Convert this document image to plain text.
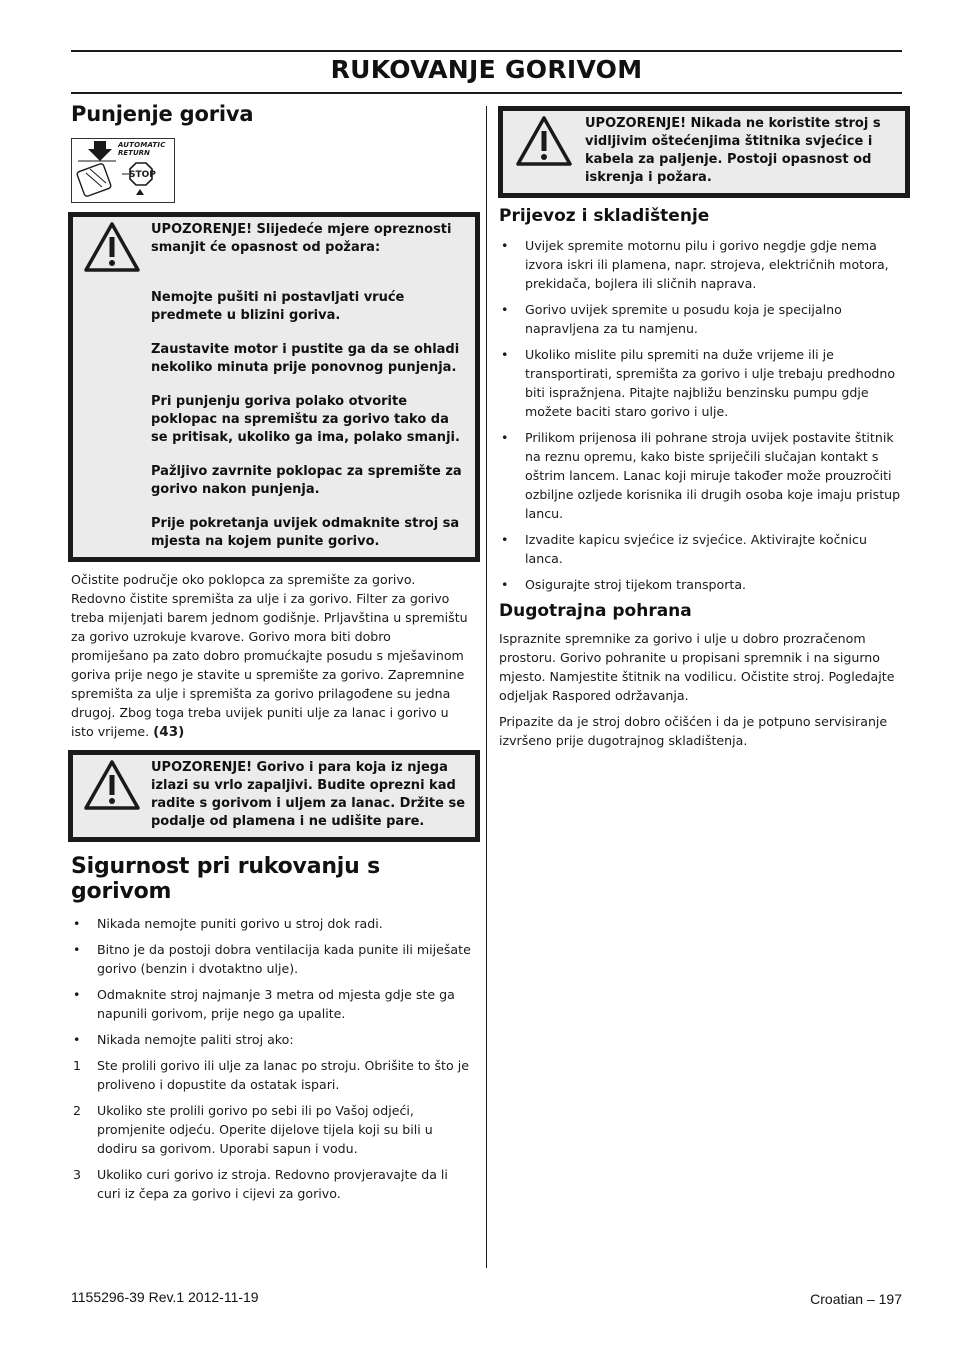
RUKOVANJE GORIVOM
Punjenje goriva
AUTOMATIC
RETURN
STOP

UPOZORENJE! Slijedeće mjere opreznosti smanjit će opasnost od požara:

Nemojte pušiti ni postavljati vruće predmete u blizini goriva.

Zaustavite motor i pustite ga da se ohladi nekoliko minuta prije ponovnog punjenja.

Pri punjenju goriva polako otvorite poklopac na spremištu za gorivo tako da se pritisak, ukoliko ga ima, polako smanji.

Pažljivo zavrnite poklopac za spremište za gorivo nakon punjenja.

Prije pokretanja uvijek odmaknite stroj sa mjesta na kojem punite gorivo.

Očistite područje oko poklopca za spremište za gorivo. Redovno čistite spremišta za ulje i za gorivo. Filter za gorivo treba mijenjati barem jednom godišnje. Prljavština u spremištu za gorivo uzrokuje kvarove. Gorivo mora biti dobro promiješano pa zato dobro promućkajte posudu s mješavinom goriva prije nego je stavite u spremište za gorivo. Zapremnine spremišta za ulje i spremišta za gorivo prilagođene su jedna drugoj. Zbog toga treba uvijek puniti ulje za lanac i gorivo u isto vrijeme. (43)

UPOZORENJE! Gorivo i para koja iz njega izlazi su vrlo zapaljivi. Budite oprezni kad radite s gorivom i uljem za lanac. Držite se podalje od plamena i ne udišite pare.

Sigurnost pri rukovanju s gorivom
• Nikada nemojte puniti gorivo u stroj dok radi.
• Bitno je da postoji dobra ventilacija kada punite ili miješate gorivo (benzin i dvotaktno ulje).
• Odmaknite stroj najmanje 3 metra od mjesta gdje ste ga napunili gorivom, prije nego ga upalite.
• Nikada nemojte paliti stroj ako:
1 Ste prolili gorivo ili ulje za lanac po stroju. Obrišite to što je proliveno i dopustite da ostatak ispari.
2 Ukoliko ste prolili gorivo po sebi ili po Vašoj odjeći, promjenite odjeću. Operite dijelove tijela koji su bili u dodiru sa gorivom. Uporabi sapun i vodu.
3 Ukoliko curi gorivo iz stroja. Redovno provjeravajte da li curi iz čepa za gorivo i cijevi za gorivo.

UPOZORENJE! Nikada ne koristite stroj s vidljivim oštećenjima štitnika svjećice i kabela za paljenje. Postoji opasnost od iskrenja i požara.

Prijevoz i skladištenje
• Uvijek spremite motornu pilu i gorivo negdje gdje nema izvora iskri ili plamena, napr. strojeva, električnih motora, prekidača, bojlera ili sličnih naprava.
• Gorivo uvijek spremite u posudu koja je specijalno napravljena za tu namjenu.
• Ukoliko mislite pilu spremiti na duže vrijeme ili je transportirati, spremišta za gorivo i ulje trebaju predhodno biti ispražnjena. Pitajte najbližu benzinsku pumpu gdje možete baciti staro gorivo i ulje.
• Prilikom prijenosa ili pohrane stroja uvijek postavite štitnik na reznu opremu, kako biste spriječili slučajan kontakt s oštrim lancem. Lanac koji miruje također može prouzročiti ozbiljne ozljede korisnika ili drugih osoba koje imaju pristup lancu.
• Izvadite kapicu svjećice iz svjećice. Aktivirajte kočnicu lanca.
• Osigurajte stroj tijekom transporta.
Dugotrajna pohrana

Ispraznite spremnike za gorivo i ulje u dobro prozračenom prostoru. Gorivo pohranite u propisani spremnik i na sigurno mjesto. Namjestite štitnik na vodilicu. Očistite stroj. Pogledajte odjeljak Raspored održavanja.

Pripazite da je stroj dobro očišćen i da je potpuno servisiranje izvršeno prije dugotrajnog skladištenja.

1155296-39 Rev.1 2012-11-19	Croatian – 197
